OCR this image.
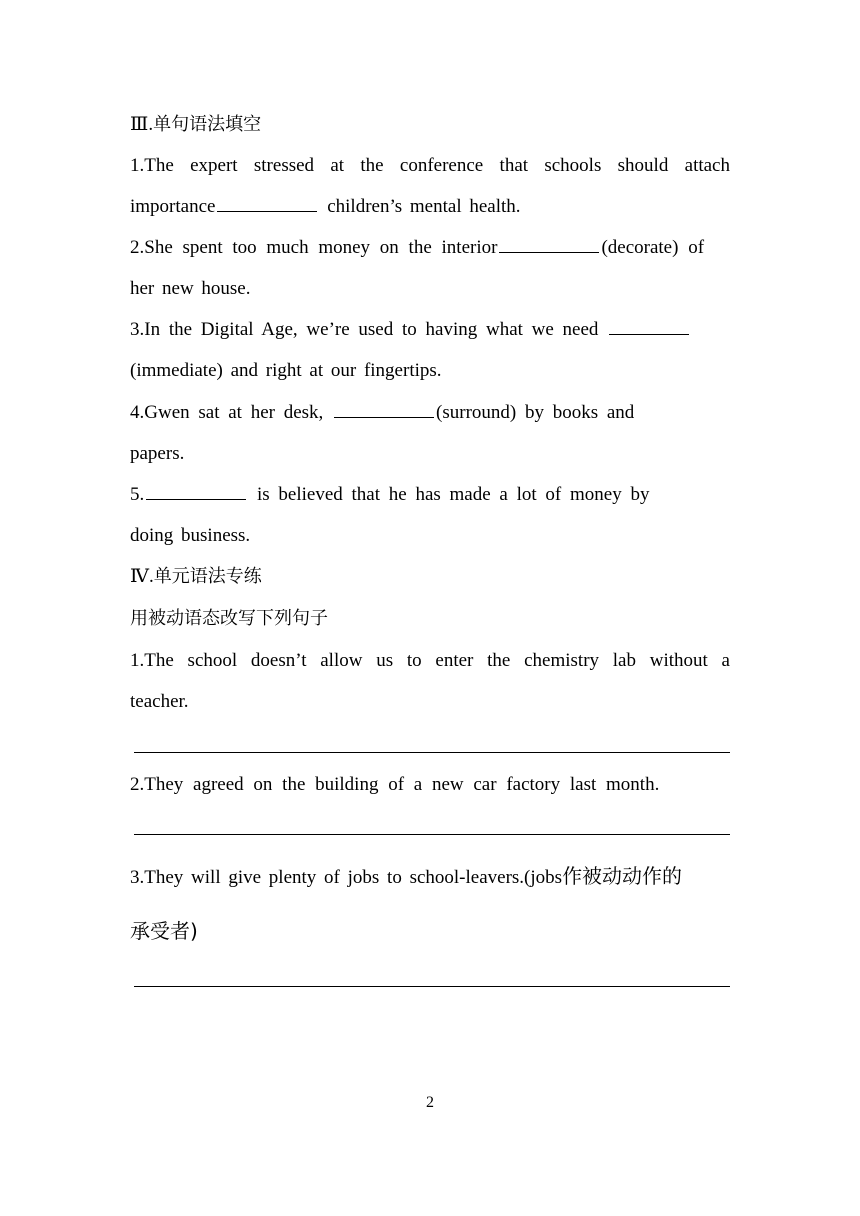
Ⅲ.单句语法填空
1.The expert stressed at the conference that schools should attach
importance	children’s mental health.
2.She spent too much money on the interior	(decorate) of
her new house.
3.In the Digital Age, we’re used to having what we need
(immediate) and right at our fingertips.
4.Gwen sat at her desk,	(surround) by books and
papers.
5.	is believed that he has made a lot of money by
doing business.
Ⅳ.单元语法专练
用被动语态改写下列句子
1.The school doesn’t allow us to enter the chemistry lab without a
teacher.
2.They agreed on the building of a new car factory last month.
3.They will give plenty of jobs to school-leavers.(jobs作被动动作的
承受者)
2
